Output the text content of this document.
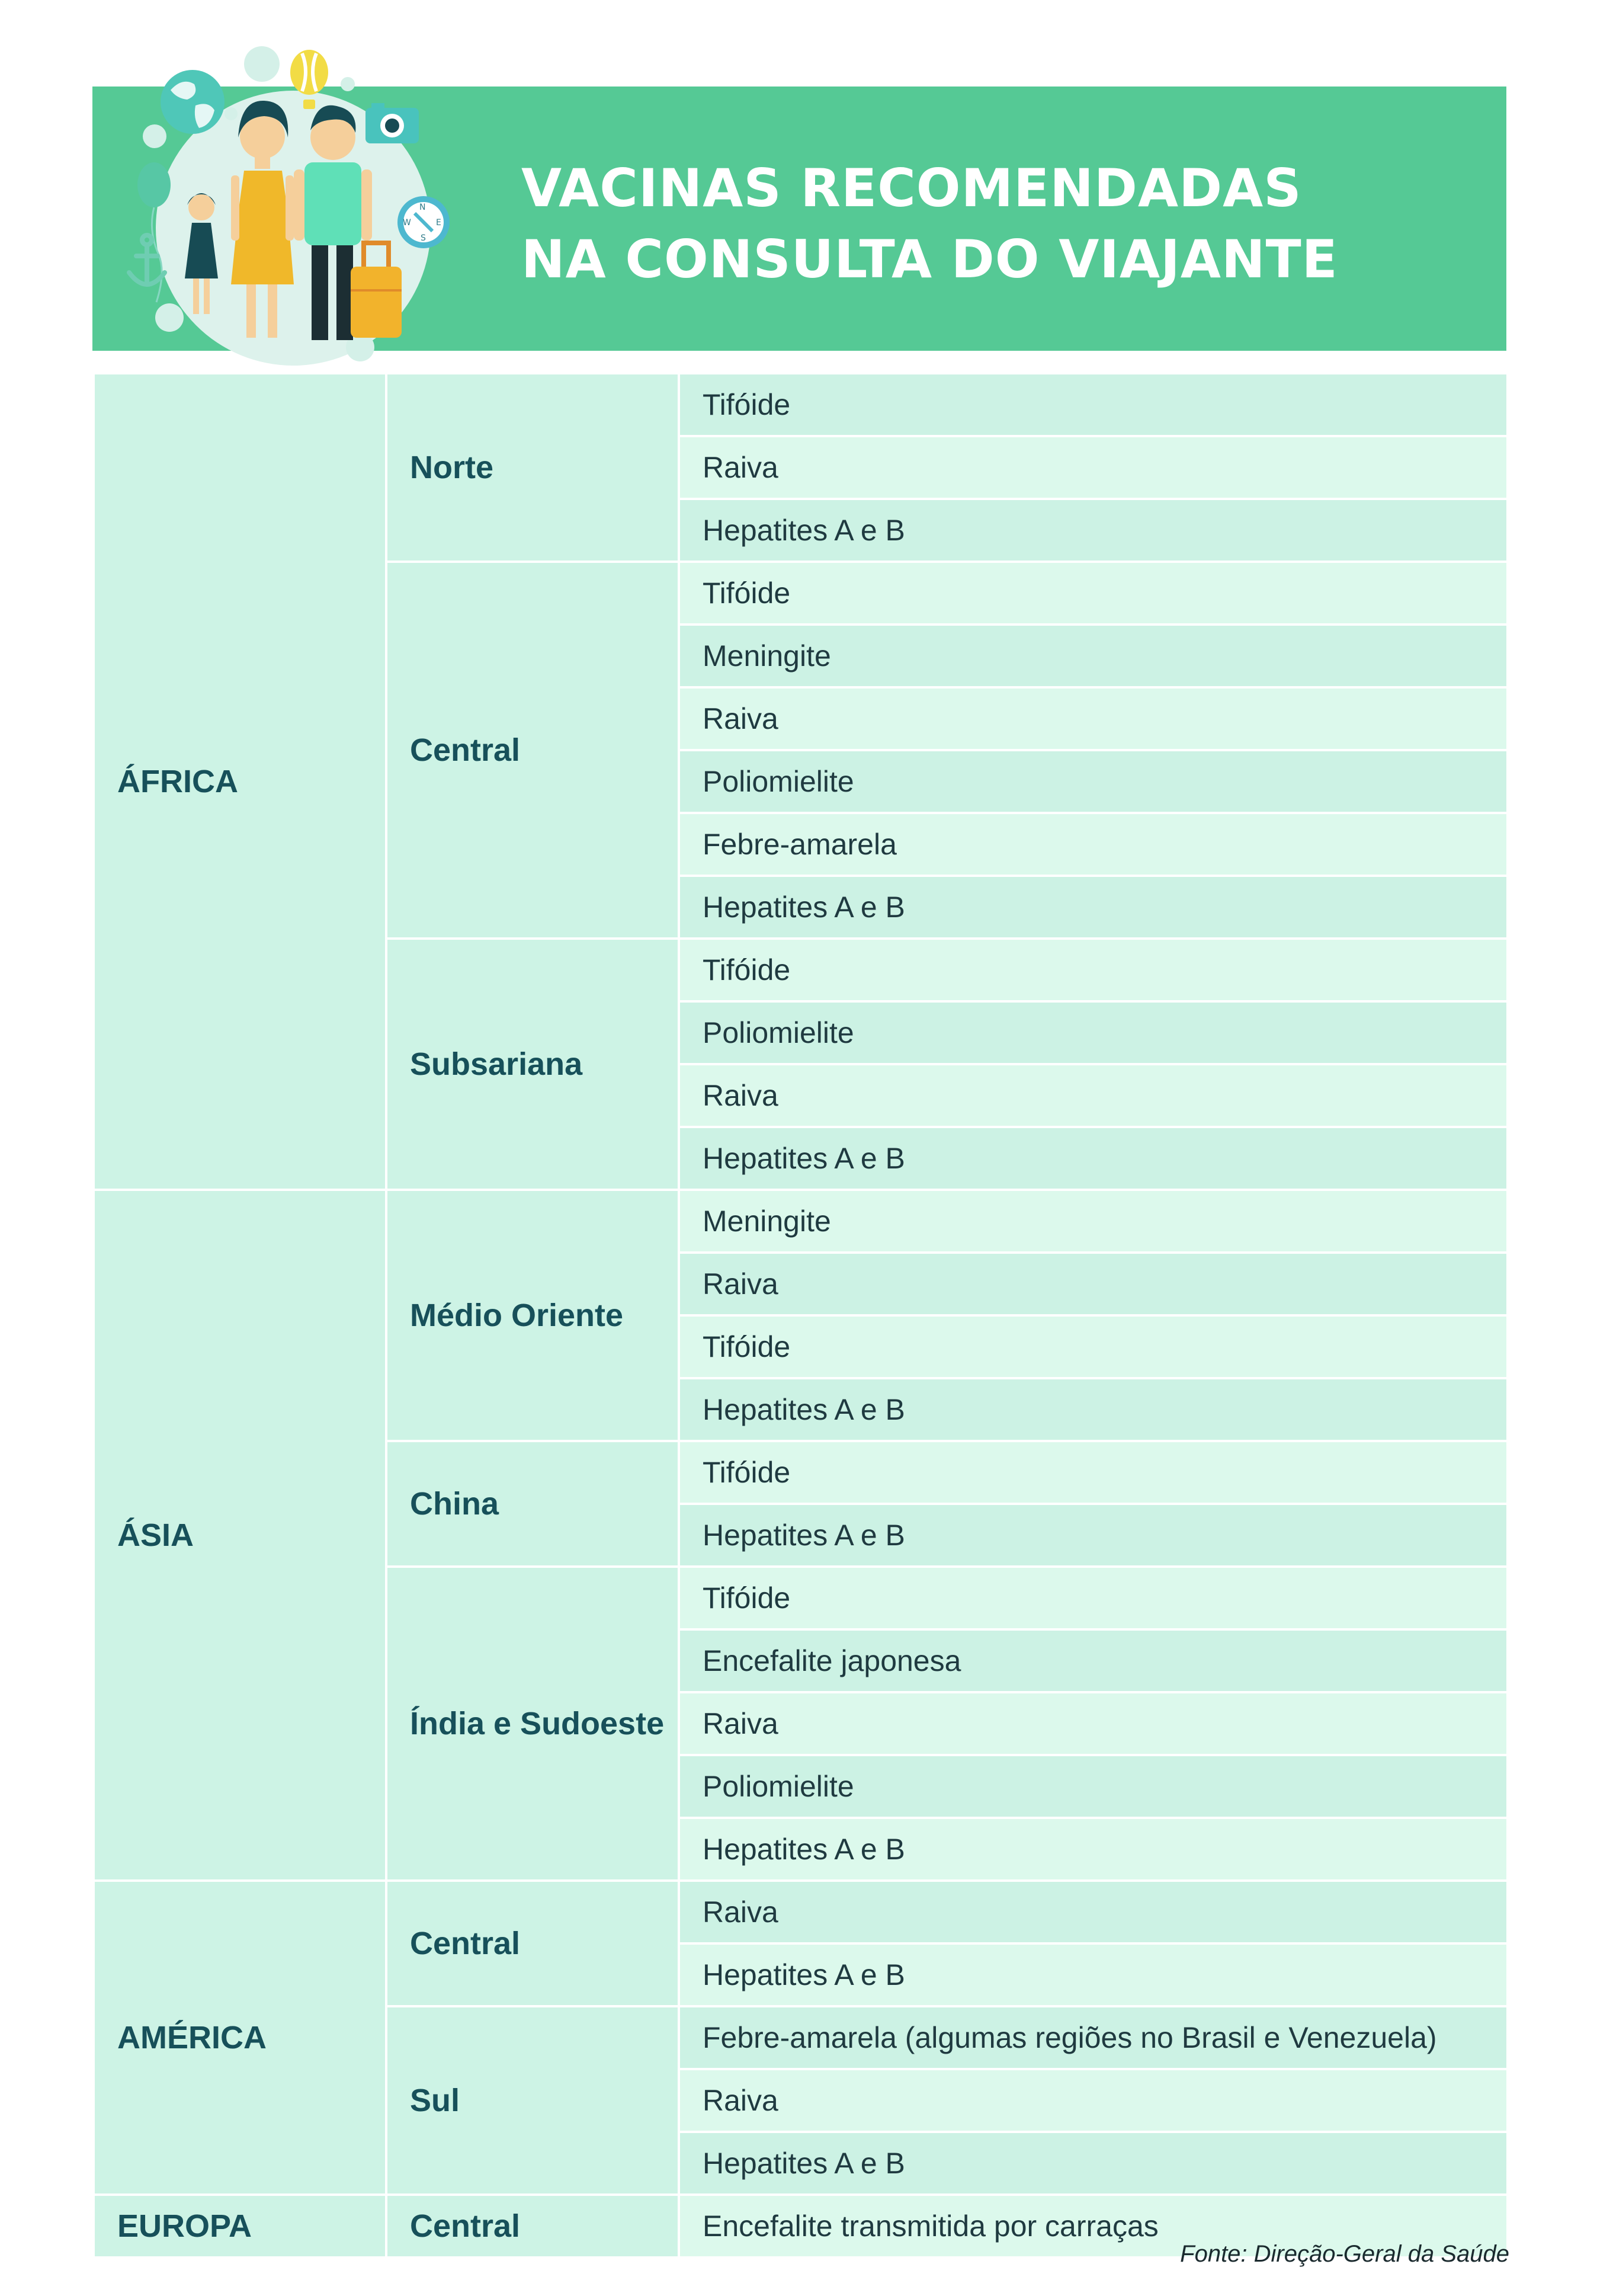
N
E
S
W
VACINAS RECOMENDADAS
NA CONSULTA DO VIAJANTE
ÁFRICA	Norte	Tifóide
		Raiva
		Hepatites A e B
	Central	Tifóide
		Meningite
		Raiva
		Poliomielite
		Febre-amarela
		Hepatites A e B
	Subsariana	Tifóide
		Poliomielite
		Raiva
		Hepatites A e B
ÁSIA	Médio Oriente	Meningite
		Raiva
		Tifóide
		Hepatites A e B
	China	Tifóide
		Hepatites A e B
	Índia e Sudoeste	Tifóide
		Encefalite japonesa
		Raiva
		Poliomielite
		Hepatites A e B
AMÉRICA	Central	Raiva
		Hepatites A e B
	Sul	Febre-amarela (algumas regiões no Brasil e Venezuela)
		Raiva
		Hepatites A e B
EUROPA	Central	Encefalite transmitida por carraças
Fonte: Direção-Geral da Saúde
